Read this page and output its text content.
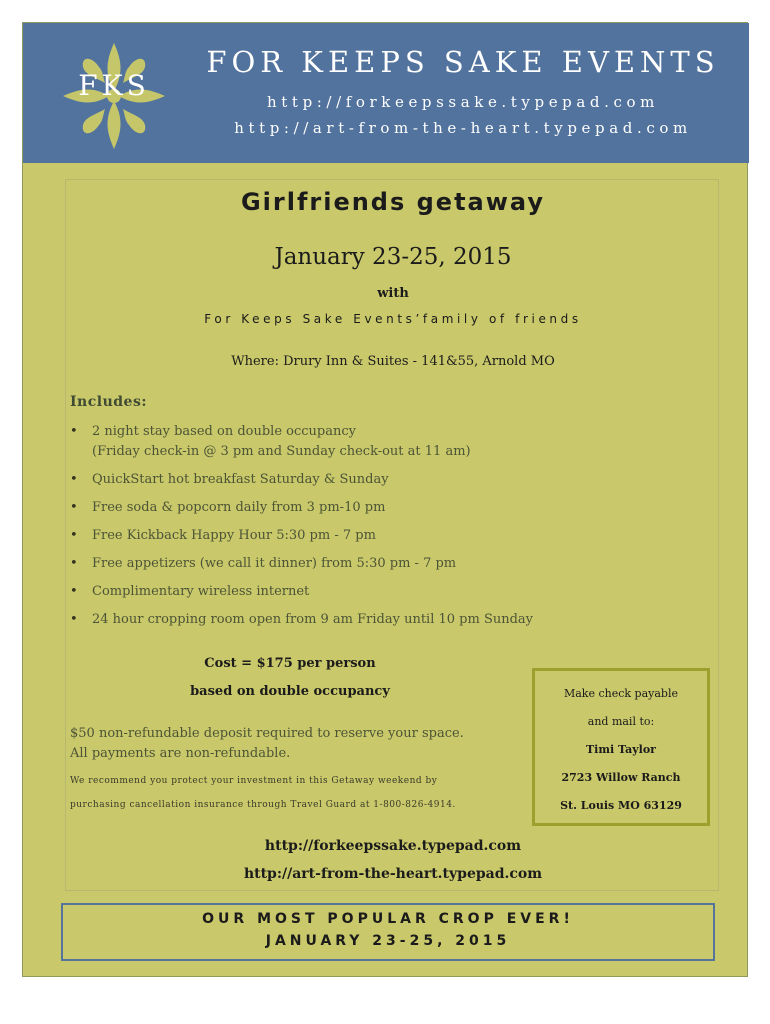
FKS
FOR KEEPS SAKE EVENTS
http://forkeepssake.typepad.com
http://art-from-the-heart.typepad.com
Girlfriends getaway
January 23-25, 2015
with
For Keeps Sake Events’family of friends
Where: Drury Inn & Suites - 141&55, Arnold MO
Includes:
• 2 night stay based on double occupancy
(Friday check-in @ 3 pm and Sunday check-out at 11 am)
• QuickStart hot breakfast Saturday & Sunday
• Free soda & popcorn daily from 3 pm-10 pm
• Free Kickback Happy Hour 5:30 pm - 7 pm
• Free appetizers (we call it dinner) from 5:30 pm - 7 pm
• Complimentary wireless internet
• 24 hour cropping room open from 9 am Friday until 10 pm Sunday
Cost = $175 per person
based on double occupancy
$50 non-refundable deposit required to reserve your space.
All payments are non-refundable.
We recommend you protect your investment in this Getaway weekend by
purchasing cancellation insurance through Travel Guard at 1-800-826-4914.
Make check payable
and mail to:
Timi Taylor
2723 Willow Ranch
St. Louis MO 63129
http://forkeepssake.typepad.com
http://art-from-the-heart.typepad.com
OUR MOST POPULAR CROP EVER!
JANUARY 23-25, 2015
